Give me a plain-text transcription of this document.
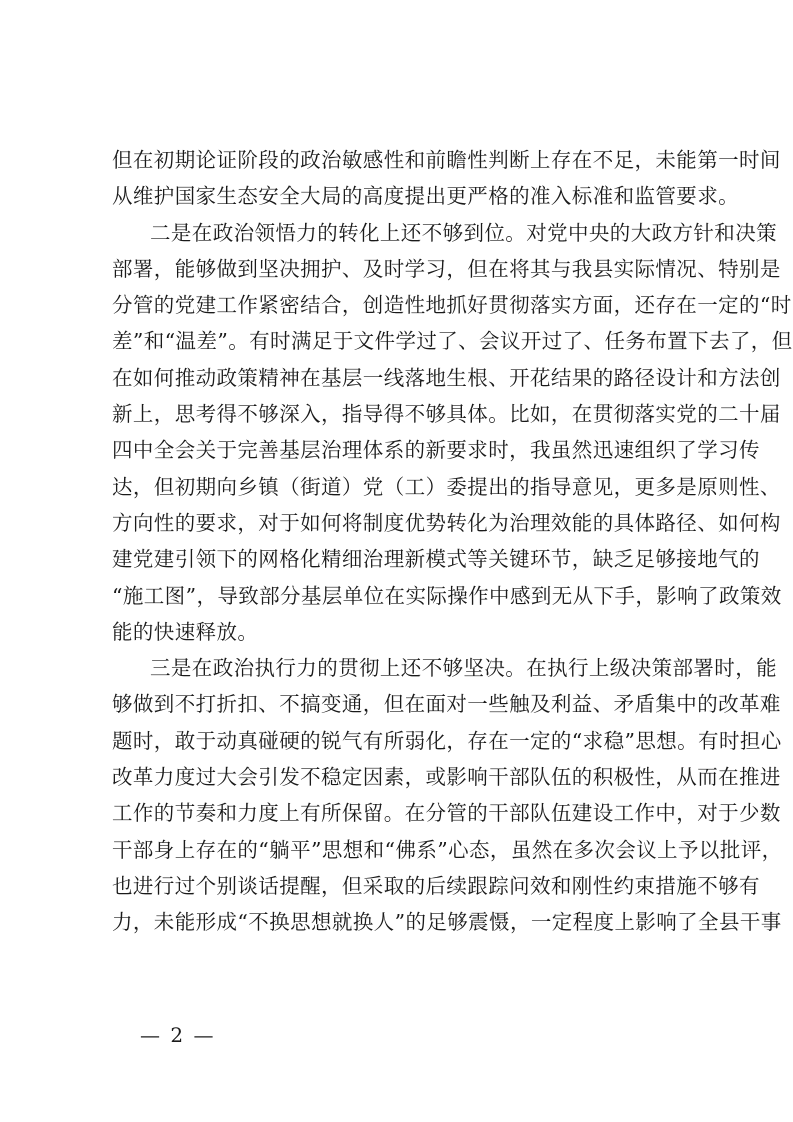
但在初期论证阶段的政治敏感性和前瞻性判断上存在不足，未能第一时间
从维护国家生态安全大局的高度提出更严格的准入标准和监管要求。
二是在政治领悟力的转化上还不够到位。对党中央的大政方针和决策
部署，能够做到坚决拥护、及时学习，但在将其与我县实际情况、特别是
分管的党建工作紧密结合，创造性地抓好贯彻落实方面，还存在一定的“时
差”和“温差”。有时满足于文件学过了、会议开过了、任务布置下去了，但
在如何推动政策精神在基层一线落地生根、开花结果的路径设计和方法创
新上，思考得不够深入，指导得不够具体。比如，在贯彻落实党的二十届
四中全会关于完善基层治理体系的新要求时，我虽然迅速组织了学习传
达，但初期向乡镇（街道）党（工）委提出的指导意见，更多是原则性、
方向性的要求，对于如何将制度优势转化为治理效能的具体路径、如何构
建党建引领下的网格化精细治理新模式等关键环节，缺乏足够接地气的
“施工图”，导致部分基层单位在实际操作中感到无从下手，影响了政策效
能的快速释放。
三是在政治执行力的贯彻上还不够坚决。在执行上级决策部署时，能
够做到不打折扣、不搞变通，但在面对一些触及利益、矛盾集中的改革难
题时，敢于动真碰硬的锐气有所弱化，存在一定的“求稳”思想。有时担心
改革力度过大会引发不稳定因素，或影响干部队伍的积极性，从而在推进
工作的节奏和力度上有所保留。在分管的干部队伍建设工作中，对于少数
干部身上存在的“躺平”思想和“佛系”心态，虽然在多次会议上予以批评，
也进行过个别谈话提醒，但采取的后续跟踪问效和刚性约束措施不够有
力，未能形成“不换思想就换人”的足够震慑，一定程度上影响了全县干事
— 2 —
